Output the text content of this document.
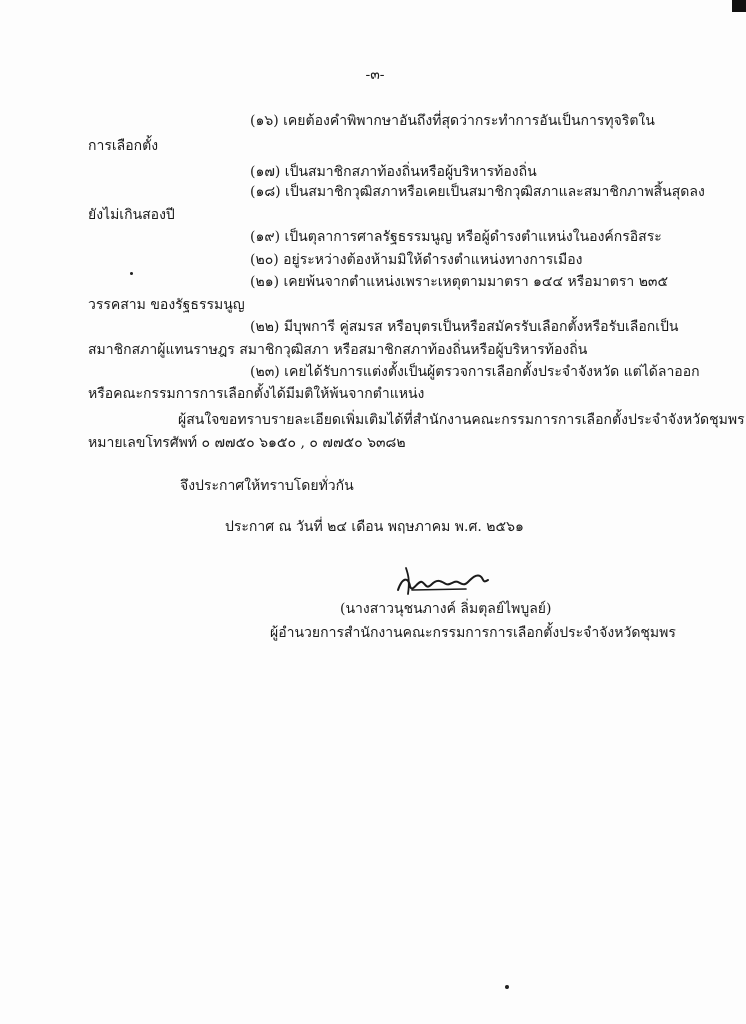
-๓-
(๑๖) เคยต้องคำพิพากษาอันถึงที่สุดว่ากระทำการอันเป็นการทุจริตใน
การเลือกตั้ง
(๑๗) เป็นสมาชิกสภาท้องถิ่นหรือผู้บริหารท้องถิ่น
(๑๘) เป็นสมาชิกวุฒิสภาหรือเคยเป็นสมาชิกวุฒิสภาและสมาชิกภาพสิ้นสุดลง
ยังไม่เกินสองปี
(๑๙) เป็นตุลาการศาลรัฐธรรมนูญ หรือผู้ดำรงตำแหน่งในองค์กรอิสระ
(๒๐) อยู่ระหว่างต้องห้ามมิให้ดำรงตำแหน่งทางการเมือง
(๒๑) เคยพ้นจากตำแหน่งเพราะเหตุตามมาตรา ๑๔๔ หรือมาตรา ๒๓๕
วรรคสาม ของรัฐธรรมนูญ
(๒๒) มีบุพการี คู่สมรส หรือบุตรเป็นหรือสมัครรับเลือกตั้งหรือรับเลือกเป็น
สมาชิกสภาผู้แทนราษฎร สมาชิกวุฒิสภา หรือสมาชิกสภาท้องถิ่นหรือผู้บริหารท้องถิ่น
(๒๓) เคยได้รับการแต่งตั้งเป็นผู้ตรวจการเลือกตั้งประจำจังหวัด แต่ได้ลาออก
หรือคณะกรรมการการเลือกตั้งได้มีมติให้พ้นจากตำแหน่ง
ผู้สนใจขอทราบรายละเอียดเพิ่มเติมได้ที่สำนักงานคณะกรรมการการเลือกตั้งประจำจังหวัดชุมพร
หมายเลขโทรศัพท์ ๐ ๗๗๕๐ ๖๑๕๐ , ๐ ๗๗๕๐ ๖๓๘๒
จึงประกาศให้ทราบโดยทั่วกัน
ประกาศ ณ วันที่ ๒๔ เดือน พฤษภาคม พ.ศ. ๒๕๖๑
(นางสาวนุชนภางค์ ลิ่มตุลย์ไพบูลย์)
ผู้อำนวยการสำนักงานคณะกรรมการการเลือกตั้งประจำจังหวัดชุมพร
